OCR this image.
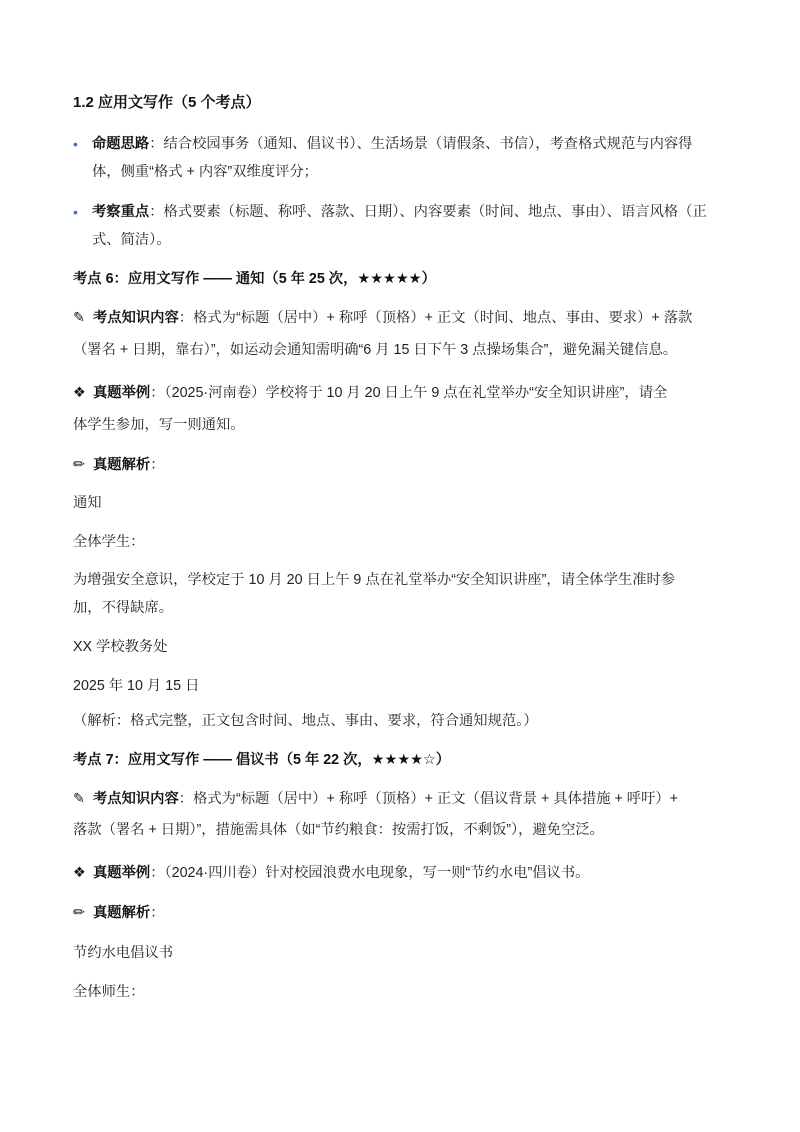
1.2 应用文写作（5 个考点）
• 命题思路：结合校园事务（通知、倡议书）、生活场景（请假条、书信），考查格式规范与内容得
体，侧重“格式 + 内容”双维度评分；
• 考察重点：格式要素（标题、称呼、落款、日期）、内容要素（时间、地点、事由）、语言风格（正
式、简洁）。
考点 6：应用文写作 —— 通知（5 年 25 次，★★★★★）
✎ 考点知识内容：格式为“标题（居中）+ 称呼（顶格）+ 正文（时间、地点、事由、要求）+ 落款
（署名 + 日期，靠右）”，如运动会通知需明确“6 月 15 日下午 3 点操场集合”，避免漏关键信息。
❖ 真题举例：（2025·河南卷）学校将于 10 月 20 日上午 9 点在礼堂举办“安全知识讲座”，请全
体学生参加，写一则通知。
✏ 真题解析：
通知
全体学生：
为增强安全意识，学校定于 10 月 20 日上午 9 点在礼堂举办“安全知识讲座”，请全体学生准时参
加，不得缺席。
XX 学校教务处
2025 年 10 月 15 日
（解析：格式完整，正文包含时间、地点、事由、要求，符合通知规范。）
考点 7：应用文写作 —— 倡议书（5 年 22 次，★★★★☆）
✎ 考点知识内容：格式为“标题（居中）+ 称呼（顶格）+ 正文（倡议背景 + 具体措施 + 呼吁）+
落款（署名 + 日期）”，措施需具体（如“节约粮食：按需打饭，不剩饭”），避免空泛。
❖ 真题举例：（2024·四川卷）针对校园浪费水电现象，写一则“节约水电”倡议书。
✏ 真题解析：
节约水电倡议书
全体师生：
